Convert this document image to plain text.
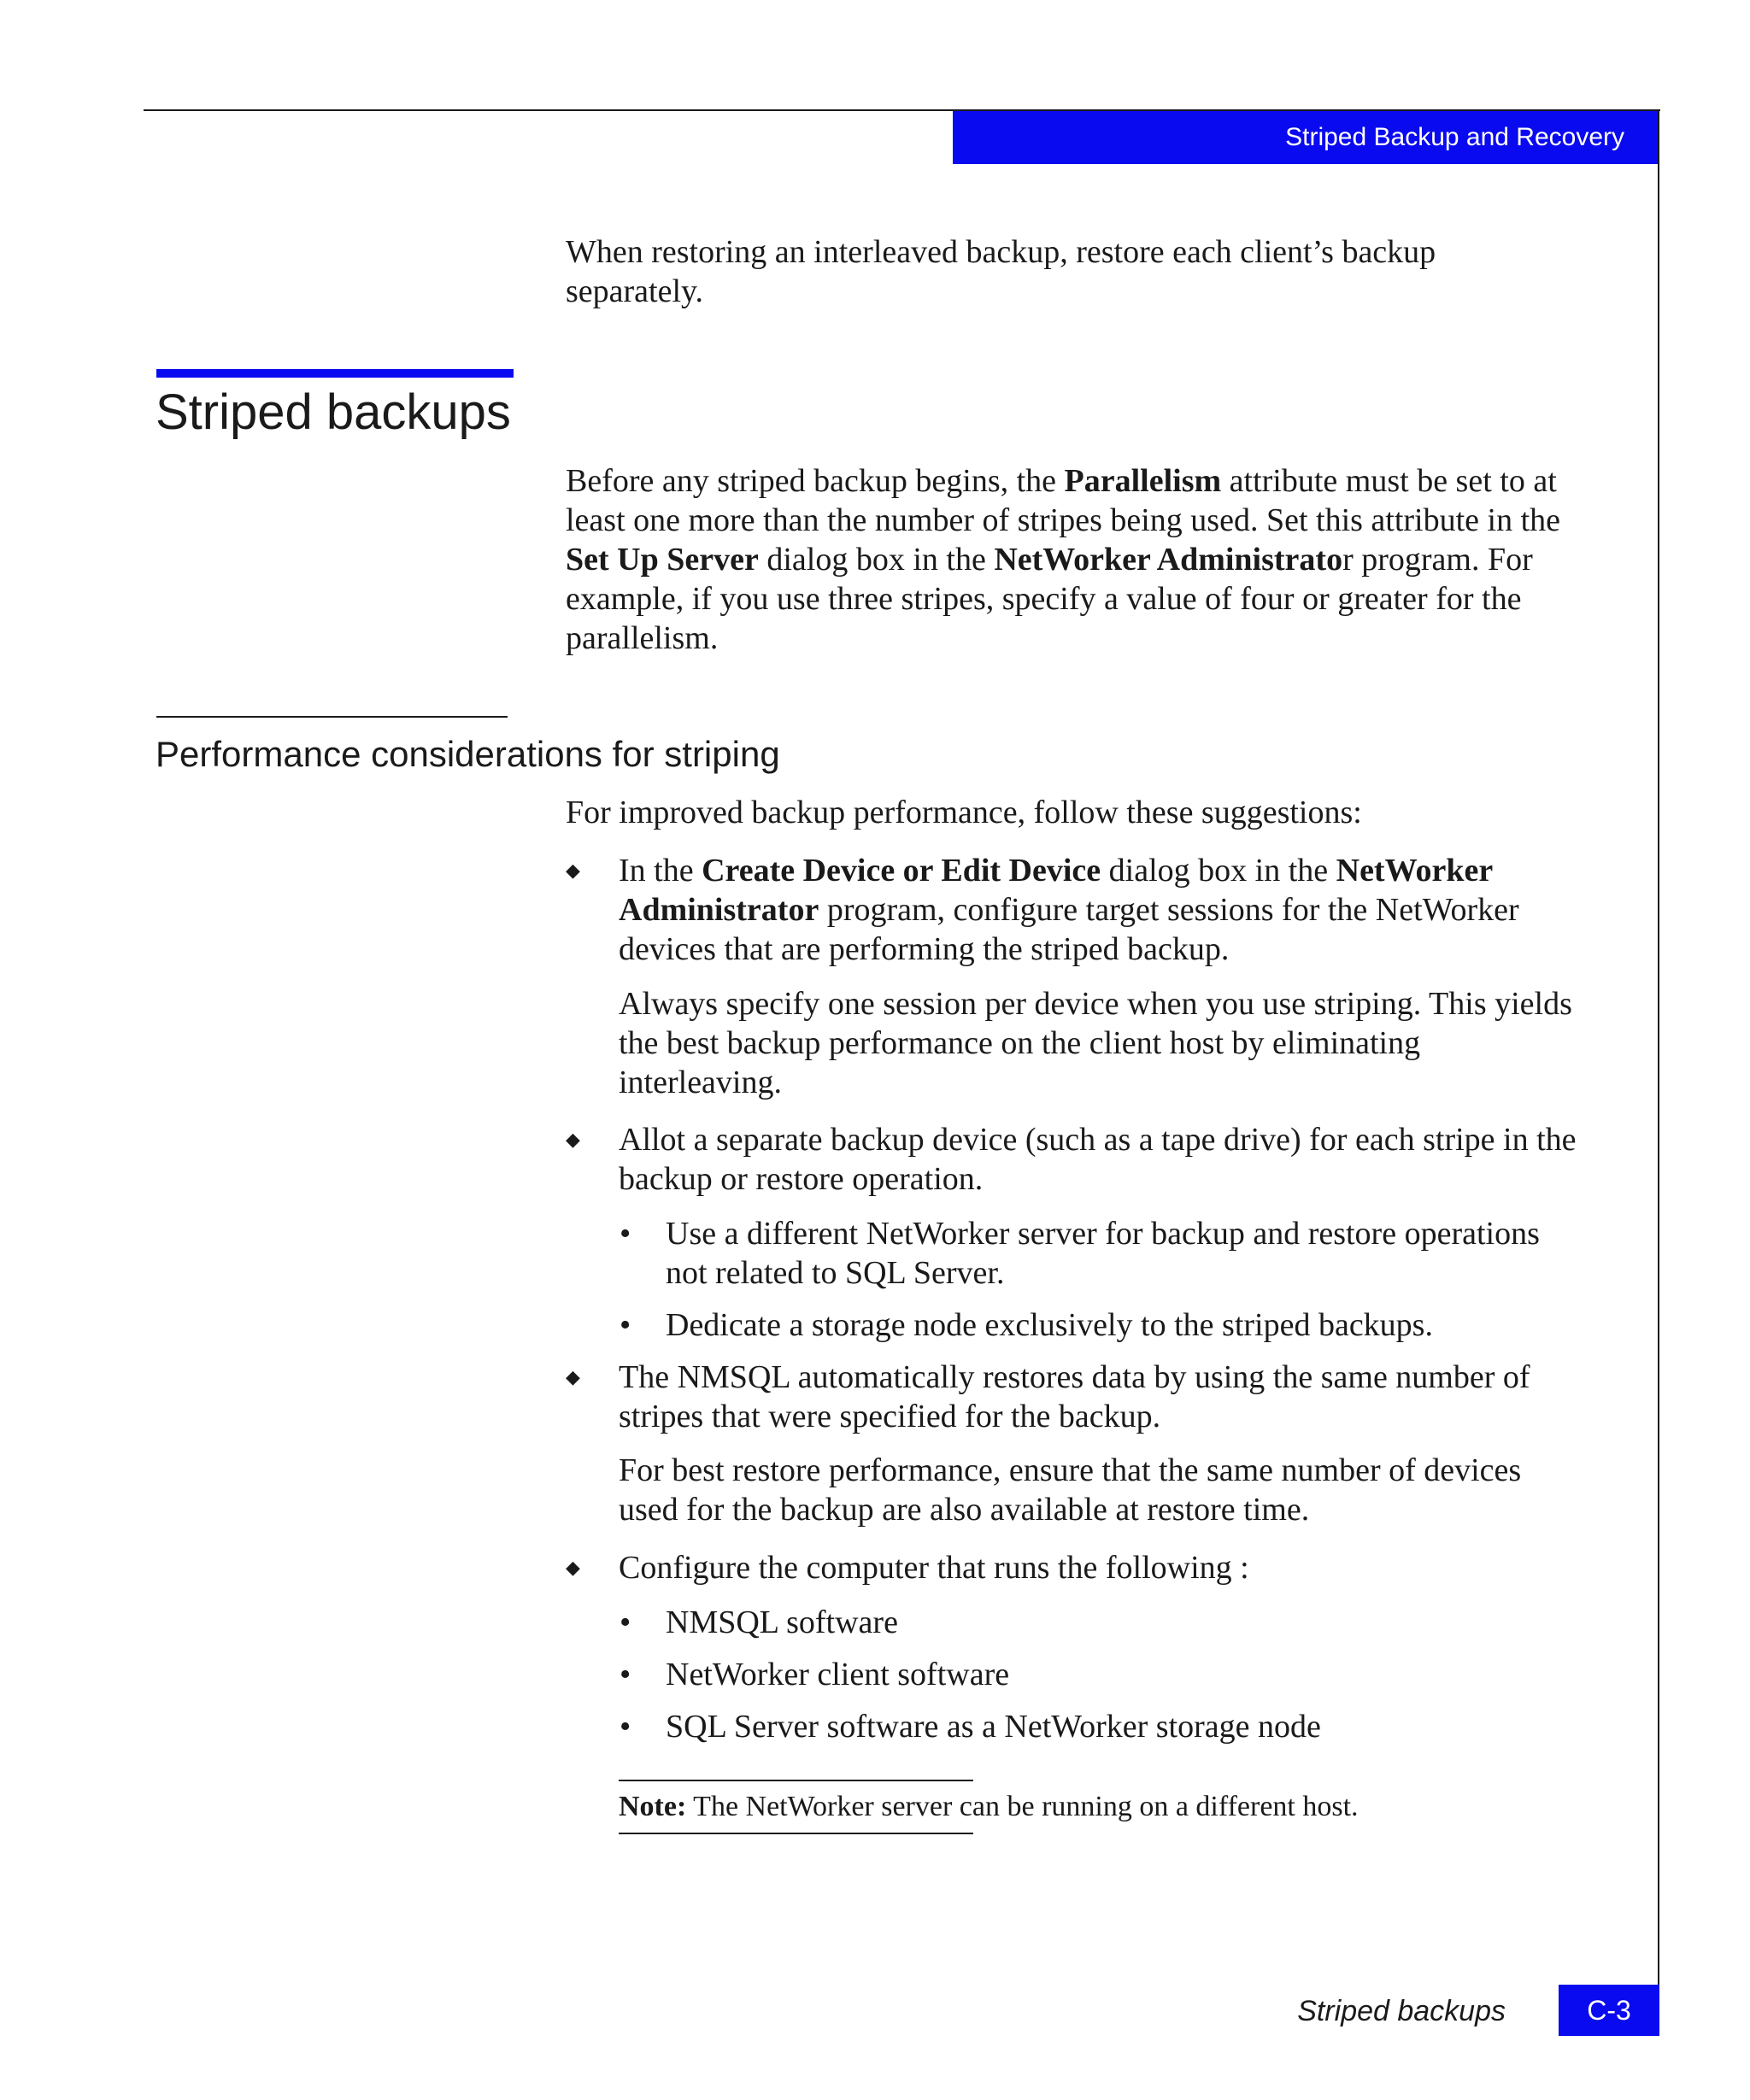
Striped Backup and Recovery
When restoring an interleaved backup, restore each client’s backup separately.
Striped backups
Before any striped backup begins, the Parallelism attribute must be set to at least one more than the number of stripes being used. Set this attribute in the Set Up Server dialog box in the NetWorker Administrator program. For example, if you use three stripes, specify a value of four or greater for the parallelism.
Performance considerations for striping
For improved backup performance, follow these suggestions:
◆	In the Create Device or Edit Device dialog box in the NetWorker Administrator program, configure target sessions for the NetWorker devices that are performing the striped backup.
Always specify one session per device when you use striping. This yields the best backup performance on the client host by eliminating interleaving.
◆	Allot a separate backup device (such as a tape drive) for each stripe in the backup or restore operation.
• Use a different NetWorker server for backup and restore operations not related to SQL Server.
• Dedicate a storage node exclusively to the striped backups.
◆	The NMSQL automatically restores data by using the same number of stripes that were specified for the backup.
For best restore performance, ensure that the same number of devices used for the backup are also available at restore time.
◆	Configure the computer that runs the following :
• NMSQL software
• NetWorker client software
• SQL Server software as a NetWorker storage node
Note: The NetWorker server can be running on a different host.
Striped backups	C-3
